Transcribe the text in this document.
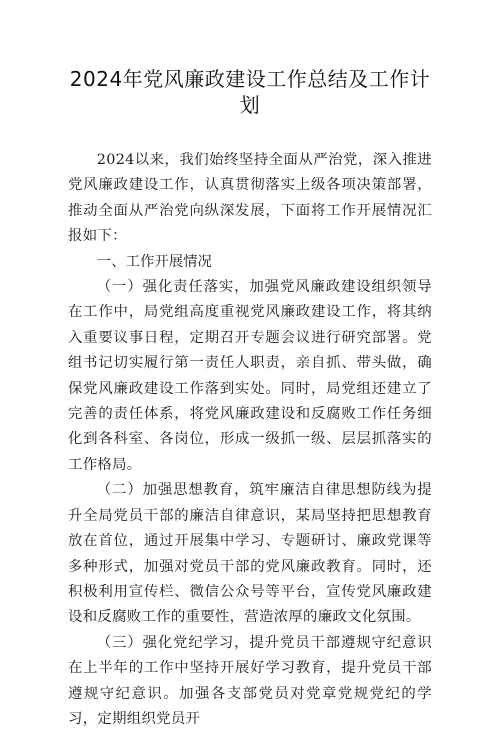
2024年党风廉政建设工作总结及工作计划

2024以来，我们始终坚持全面从严治党，深入推进党风廉政建设工作，认真贯彻落实上级各项决策部署，推动全面从严治党向纵深发展，下面将工作开展情况汇报如下：

一、工作开展情况

（一）强化责任落实，加强党风廉政建设组织领导在工作中，局党组高度重视党风廉政建设工作，将其纳入重要议事日程，定期召开专题会议进行研究部署。党组书记切实履行第一责任人职责，亲自抓、带头做，确保党风廉政建设工作落到实处。同时，局党组还建立了完善的责任体系，将党风廉政建设和反腐败工作任务细化到各科室、各岗位，形成一级抓一级、层层抓落实的工作格局。

（二）加强思想教育，筑牢廉洁自律思想防线为提升全局党员干部的廉洁自律意识，某局坚持把思想教育放在首位，通过开展集中学习、专题研讨、廉政党课等多种形式，加强对党员干部的党风廉政教育。同时，还积极利用宣传栏、微信公众号等平台，宣传党风廉政建设和反腐败工作的重要性，营造浓厚的廉政文化氛围。

（三）强化党纪学习，提升党员干部遵规守纪意识在上半年的工作中坚持开展好学习教育，提升党员干部遵规守纪意识。加强各支部党员对党章党规党纪的学习，定期组织党员开
